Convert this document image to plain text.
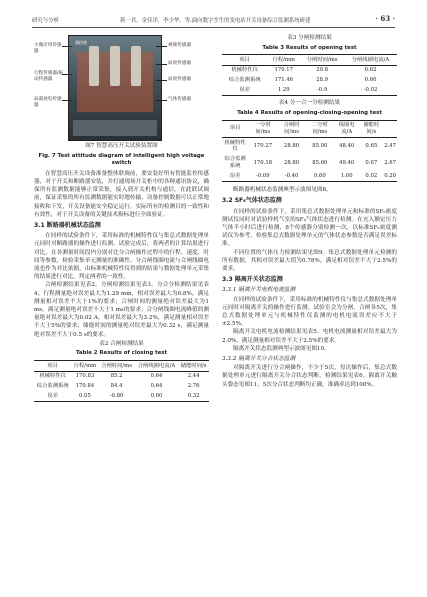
研究与分析	蒋一君，金佳洋，李少华，等.面向数字孪生的变电站开关设备综合监测系统研建	· 63 ·
测控箱
小微应用传感器
行程传感器/振动传感器
局部放电传感器
视频传感器
局放传感器
局放传感器
气体传感器
图7 智慧高压开关试验装置图
Fig. 7 Test attitude diagram of intelligent high voltage switch

在智慧高压开关设备准备整体联调前，要安装好所有智能监控传感器，对于开关和断路器安装，并打通现场开关柜中的各种通讯协议，确保所有监测数据能够正常采集，接入到开关机构与通信，在此联试调前，保证采集的所有监测数据能实时地传输，设备控制数据可以正常地接收和下发，开关设备能安全稳定运行，实际所有的检测目的一致性和有效性，对于开关设备的关键技术指标进行全面验证。

3.1 断路器机械状态监测

在同样的试验条件下，采用标准的机械特性仪与集总式数据处理单元同时对断路器的操作进行监测。试验完成后，将两者的计算结果进行对比，在各测量时间段内分别对比分合闸操作过程中的行程、速度、时间等参数，检验采集单元测量的准确性。分合闸线圈电流与合闸线圈电流也作为对比依据，由标准机械特性仪得到的结果与数据处理单元采集的结果进行对比，判定两者的一致性。

合闸检测结果见表2。分闸检测结果见表3。分合分检测结果见表4。行程测量绝对误差最大为1.29 mm，相对误差最大为0.8%，满足测量相对误差不大于1%的要求；合闸时间的测量绝对误差最大为1 ms，满足测量绝对误差不大于1 ms的要求；合分闸线圈电流峰值的测量绝对误差最大为0.02 A，相对误差最大为3.2%，满足测量相对误差不大于5%的要求；储能时间的测量绝对误差最大为0.32 s，满足测量绝对误差不大于0.5 s的要求。

表2 合闸检测结果
Table 2 Results of closing test
项目	行程/mm	合闸时间/ms	合闸线圈电流/A	储能时间/s
机械特性仪	170.83	85.2	0.64	2.44
综合监测系统	170.84	84.4	0.64	2.76
误差	0.05	-0.80	0.00	0.32
表3 分闸检测结果
Table 3 Results of opening test
项目	行程/mm	分闸时间/ms	分闸线圈电流/A
机械特性仪	170.17	29.8	0.62
综合监测系统	171.46	28.9	0.60
误差	1.29	-0.9	-0.02
表4 分一合一分检测结果
Table 4 Results of opening-closing-opening test
项目	一分时间/ms	合闸时间/ms	二分时间/ms	线圈电流/A	储能时间/s	
机械特性仪	170.27	28.80	85.00	48.40	0.65	2.47
综合监测系统	170.18	28.80	85.60	49.40	0.67	2.67
误差	-0.09	-0.40	0.60	1.00	0.02	0.20

断路器机械状态监测典型示波图见图8。

3.2 SF₆气体状态监测

在同样的试验条件下，采用集总式数据处理单元和标准的SF₆密度测试仪同时对试验样机气室的SF₆气体状态进行检测。在充入额定压力气体半小时后进行检测，8个传感器分别检测一次，以标准SF₆密度测试仪为参考，检验集总式数据处理单元的气体状态参数是否满足误差标准。

不同位置的气体压力检测结果见图9。集总式数据处理单元检测的所有数据，其相对误差最大值为0.78%，满足相对误差不大于2.5%的要求。

3.3 隔离开关状态监测
3.3.1 隔离开关电机电流监测

在同样的试验条件下，采用标准的机械特性仪与集总式数据处理单元同时对隔离开关的操作进行监测。试验室会为分闸、合闸各5次，集总式数据处理单元与机械特性仪监测的电机电流误差应不大于±2.5%。

隔离开关电机电流检测结果见表5。电机电流测量相对误差最大为2.0%，满足测量相对误差不大于2.5%的要求。

隔离开关状态监测典型示波图见图10。

3.3.2 隔离开关分合状态监测

对隔离开关进行分合闸操作，不少于5次，每次操作后，集总式数据处理单元进行隔离开关分合状态判断，检测结果见表6。隔离开关触头姿态见图11，5次分合状态判断均正确，准确率达到100%。
